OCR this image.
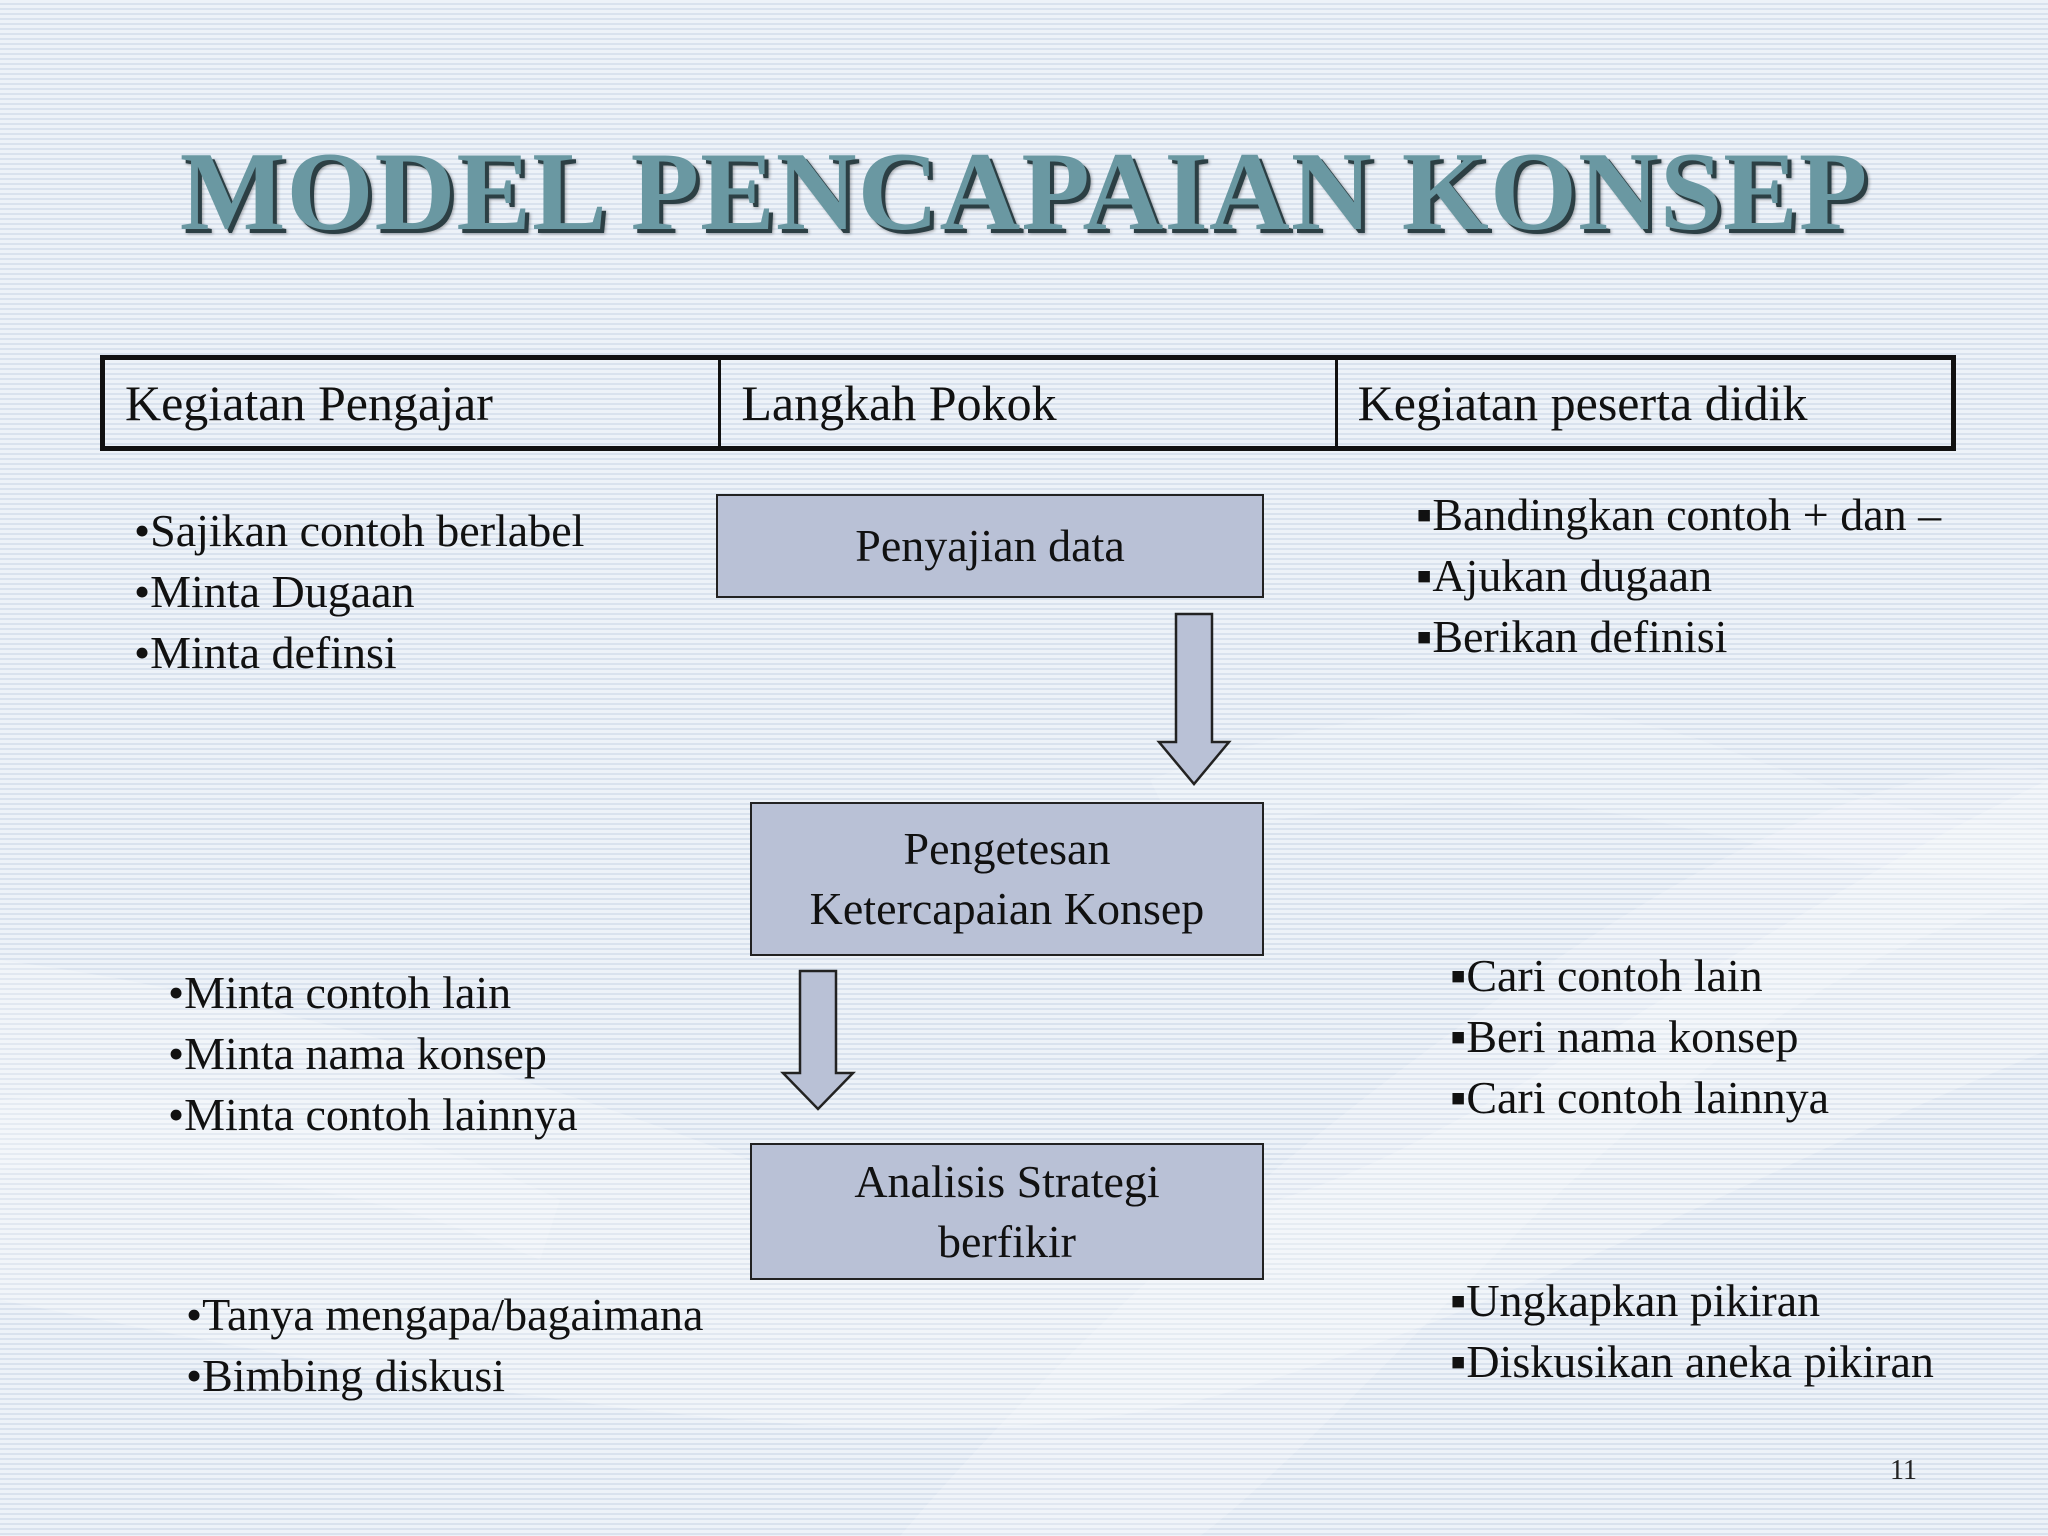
MODEL PENCAPAIAN KONSEP
Kegiatan Pengajar	Langkah Pokok	Kegiatan peserta didik
Penyajian data
Pengetesan
Ketercapaian Konsep
Analisis Strategi
berfikir
• Sajikan contoh berlabel
• Minta Dugaan
• Minta definsi
• Minta contoh lain
• Minta nama konsep
• Minta contoh lainnya
• Tanya mengapa/bagaimana
• Bimbing diskusi
▪ Bandingkan contoh + dan –
▪ Ajukan dugaan
▪ Berikan definisi
▪ Cari contoh lain
▪ Beri nama konsep
▪ Cari contoh lainnya
▪ Ungkapkan pikiran
▪ Diskusikan aneka pikiran
11
